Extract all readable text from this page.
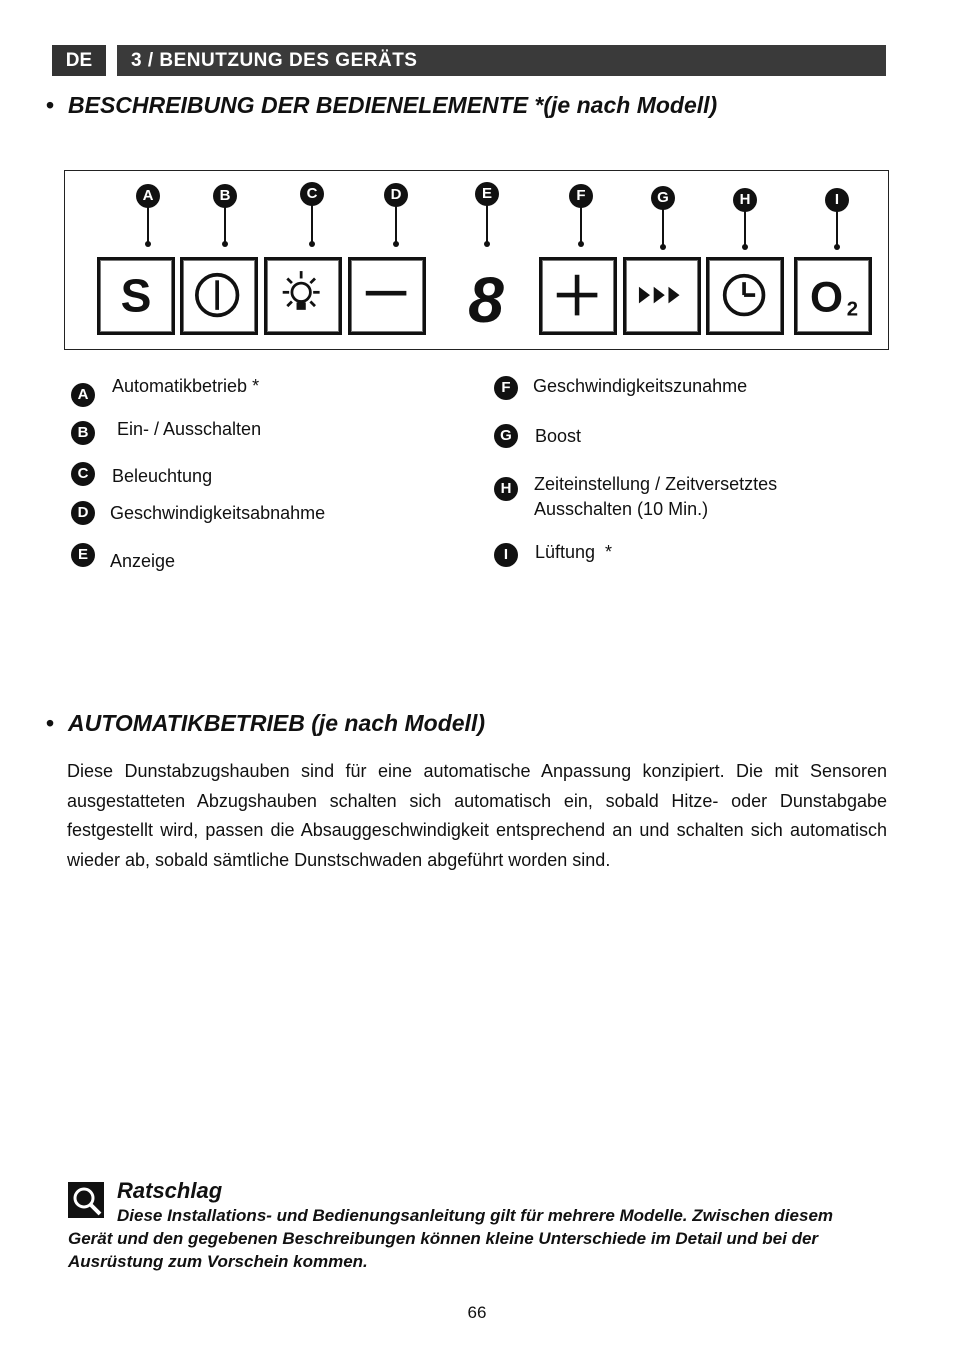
DE	3 / BENUTZUNG DES GERÄTS
• BESCHREIBUNG DER BEDIENELEMENTE *(je nach Modell)
A	B	C	D	E	F	G	H	I
S	8	O 2
A	Automatikbetrieb *
B	Ein- / Ausschalten
C	Beleuchtung
D	Geschwindigkeitsabnahme
E	Anzeige
F	Geschwindigkeitszunahme
G	Boost
H	Zeiteinstellung / Zeitversetztes
Ausschalten (10 Min.)
I	Lüftung  *
• AUTOMATIKBETRIEB (je nach Modell)
Diese Dunstabzugshauben sind für eine automatische Anpassung konzipiert. Die mit Sensoren ausgestatteten Abzugshauben schalten sich automatisch ein, sobald Hitze- oder Dunstabgabe festgestellt wird, passen die Absauggeschwindigkeit entsprechend an und schalten sich automatisch wieder ab, sobald sämtliche Dunstschwaden abgeführt worden sind.
Ratschlag
Diese Installations- und Bedienungsanleitung gilt für mehrere Modelle. Zwischen diesem Gerät und den gegebenen Beschreibungen können kleine Unterschiede im Detail und bei der Ausrüstung zum Vorschein kommen.
66
